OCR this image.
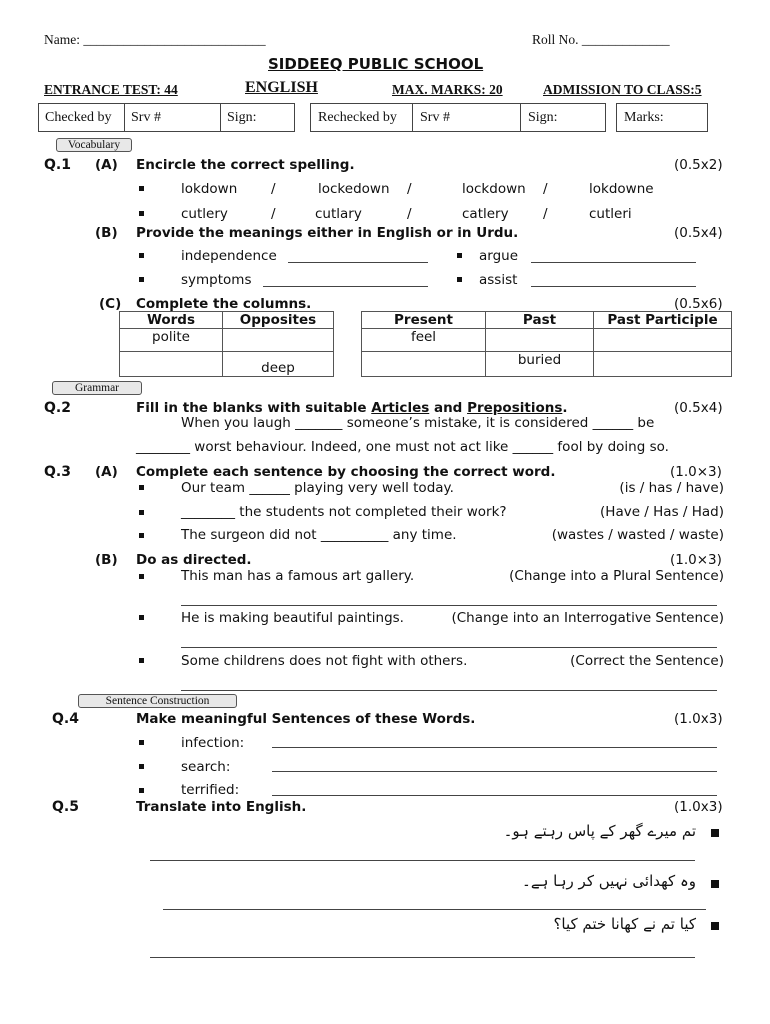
Name: ___________________________	Roll No. _____________
SIDDEEQ PUBLIC SCHOOL
ENTRANCE TEST: 44	ENGLISH	MAX. MARKS: 20	ADMISSION TO CLASS:5
Checked by Srv #	Sign:	Rechecked by Srv #	Sign:	Marks:
Vocabulary
Q.1 (A) Encircle the correct spelling.	(0.5x2)
lokdown /	lockedown /	lockdown /	lokdowne
cutlery	/	cutlary	/	catlery	/	cutleri
(B) Provide the meanings either in English or in Urdu.	(0.5x4)
independence	argue
symptoms	assist
(C) Complete the columns.	(0.5x6)
Words	Opposites
polite	
	deep
Present	Past	Past Participle
feel		
	buried	
Grammar
Q.2	Fill in the blanks with suitable Articles and Prepositions.	(0.5x4)
When you laugh _______ someone’s mistake, it is considered ______ be
________ worst behaviour. Indeed, one must not act like ______ fool by doing so.
Q.3 (A) Complete each sentence by choosing the correct word.	(1.0×3)
Our team ______ playing very well today.	(is / has / have)
________ the students not completed their work?	(Have / Has / Had)
The surgeon did not __________ any time.	(wastes / wasted / waste)
(B) Do as directed.	(1.0×3)
This man has a famous art gallery.	(Change into a Plural Sentence)
He is making beautiful paintings.	(Change into an Interrogative Sentence)
Some childrens does not fight with others.	(Correct the Sentence)
Sentence Construction
Q.4	Make meaningful Sentences of these Words.	(1.0x3)
infection:
search:
terrified:
Q.5	Translate into English.	(1.0x3)
تم میرے گھر کے پاس رہتے ہو۔
وہ کھدائی نہیں کر رہا ہے۔
کیا تم نے کھانا ختم کیا؟
